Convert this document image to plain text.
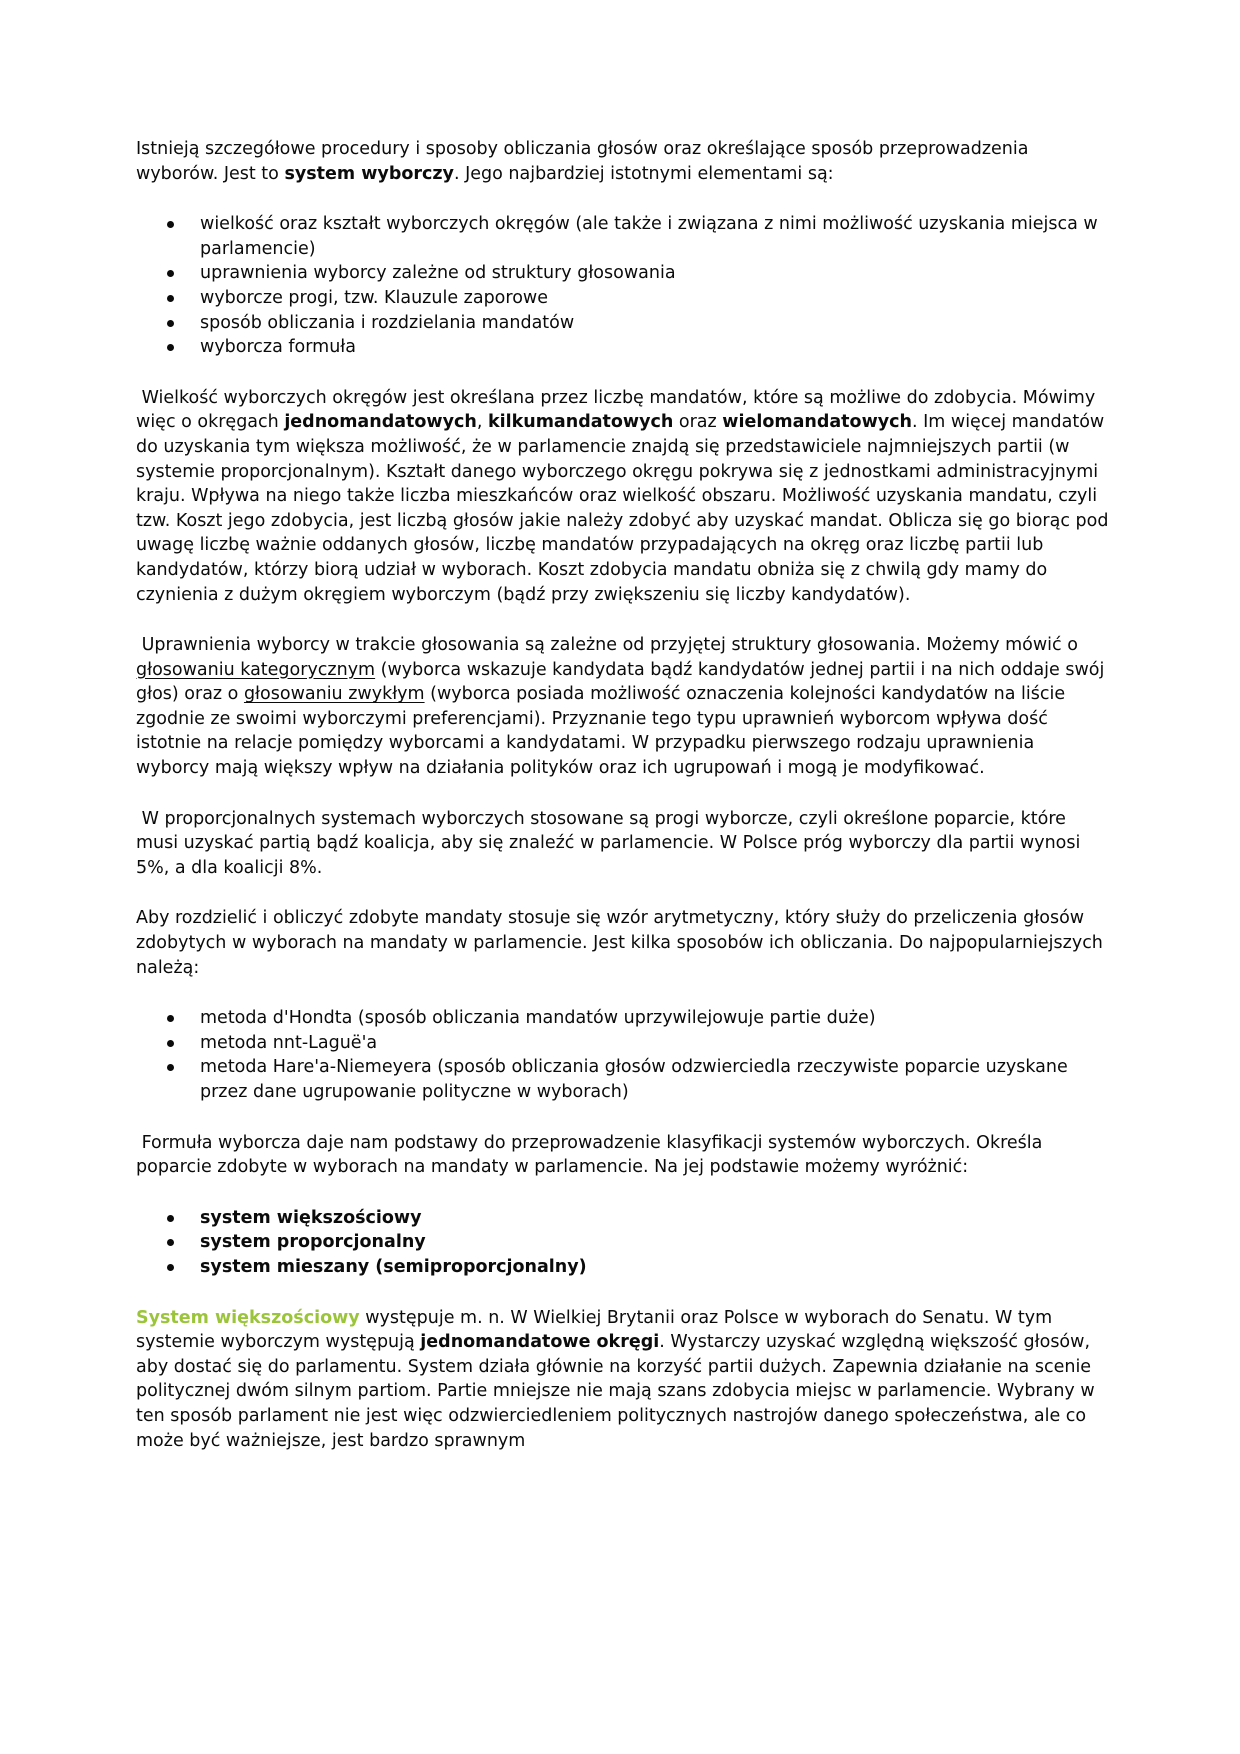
Istnieją szczegółowe procedury i sposoby obliczania głosów oraz określające sposób przeprowadzenia wyborów. Jest to system wyborczy. Jego najbardziej istotnymi elementami są:

wielkość oraz kształt wyborczych okręgów (ale także i związana z nimi możliwość uzyskania miejsca w parlamencie)
uprawnienia wyborcy zależne od struktury głosowania
wyborcze progi, tzw. Klauzule zaporowe
sposób obliczania i rozdzielania mandatów
wyborcza formuła

Wielkość wyborczych okręgów jest określana przez liczbę mandatów, które są możliwe do zdobycia. Mówimy więc o okręgach jednomandatowych, kilkumandatowych oraz wielomandatowych. Im więcej mandatów do uzyskania tym większa możliwość, że w parlamencie znajdą się przedstawiciele najmniejszych partii (w systemie proporcjonalnym). Kształt danego wyborczego okręgu pokrywa się z jednostkami administracyjnymi kraju. Wpływa na niego także liczba mieszkańców oraz wielkość obszaru. Możliwość uzyskania mandatu, czyli tzw. Koszt jego zdobycia, jest liczbą głosów jakie należy zdobyć aby uzyskać mandat. Oblicza się go biorąc pod uwagę liczbę ważnie oddanych głosów, liczbę mandatów przypadających na okręg oraz liczbę partii lub kandydatów, którzy biorą udział w wyborach. Koszt zdobycia mandatu obniża się z chwilą gdy mamy do czynienia z dużym okręgiem wyborczym (bądź przy zwiększeniu się liczby kandydatów).

Uprawnienia wyborcy w trakcie głosowania są zależne od przyjętej struktury głosowania. Możemy mówić o głosowaniu kategorycznym (wyborca wskazuje kandydata bądź kandydatów jednej partii i na nich oddaje swój głos) oraz o głosowaniu zwykłym (wyborca posiada możliwość oznaczenia kolejności kandydatów na liście zgodnie ze swoimi wyborczymi preferencjami). Przyznanie tego typu uprawnień wyborcom wpływa dość istotnie na relacje pomiędzy wyborcami a kandydatami. W przypadku pierwszego rodzaju uprawnienia wyborcy mają większy wpływ na działania polityków oraz ich ugrupowań i mogą je modyfikować.

W proporcjonalnych systemach wyborczych stosowane są progi wyborcze, czyli określone poparcie, które musi uzyskać partią bądź koalicja, aby się znaleźć w parlamencie. W Polsce próg wyborczy dla partii wynosi 5%, a dla koalicji 8%.

Aby rozdzielić i obliczyć zdobyte mandaty stosuje się wzór arytmetyczny, który służy do przeliczenia głosów zdobytych w wyborach na mandaty w parlamencie. Jest kilka sposobów ich obliczania. Do najpopularniejszych należą:

metoda d'Hondta (sposób obliczania mandatów uprzywilejowuje partie duże)
metoda nnt-Laguë'a
metoda Hare'a-Niemeyera (sposób obliczania głosów odzwierciedla rzeczywiste poparcie uzyskane przez dane ugrupowanie polityczne w wyborach)

Formuła wyborcza daje nam podstawy do przeprowadzenie klasyfikacji systemów wyborczych. Określa poparcie zdobyte w wyborach na mandaty w parlamencie. Na jej podstawie możemy wyróżnić:

system większościowy
system proporcjonalny
system mieszany (semiproporcjonalny)

System większościowy występuje m. n. W Wielkiej Brytanii oraz Polsce w wyborach do Senatu. W tym systemie wyborczym występują jednomandatowe okręgi. Wystarczy uzyskać względną większość głosów, aby dostać się do parlamentu. System działa głównie na korzyść partii dużych. Zapewnia działanie na scenie politycznej dwóm silnym partiom. Partie mniejsze nie mają szans zdobycia miejsc w parlamencie. Wybrany w ten sposób parlament nie jest więc odzwierciedleniem politycznych nastrojów danego społeczeństwa, ale co może być ważniejsze, jest bardzo sprawnym
